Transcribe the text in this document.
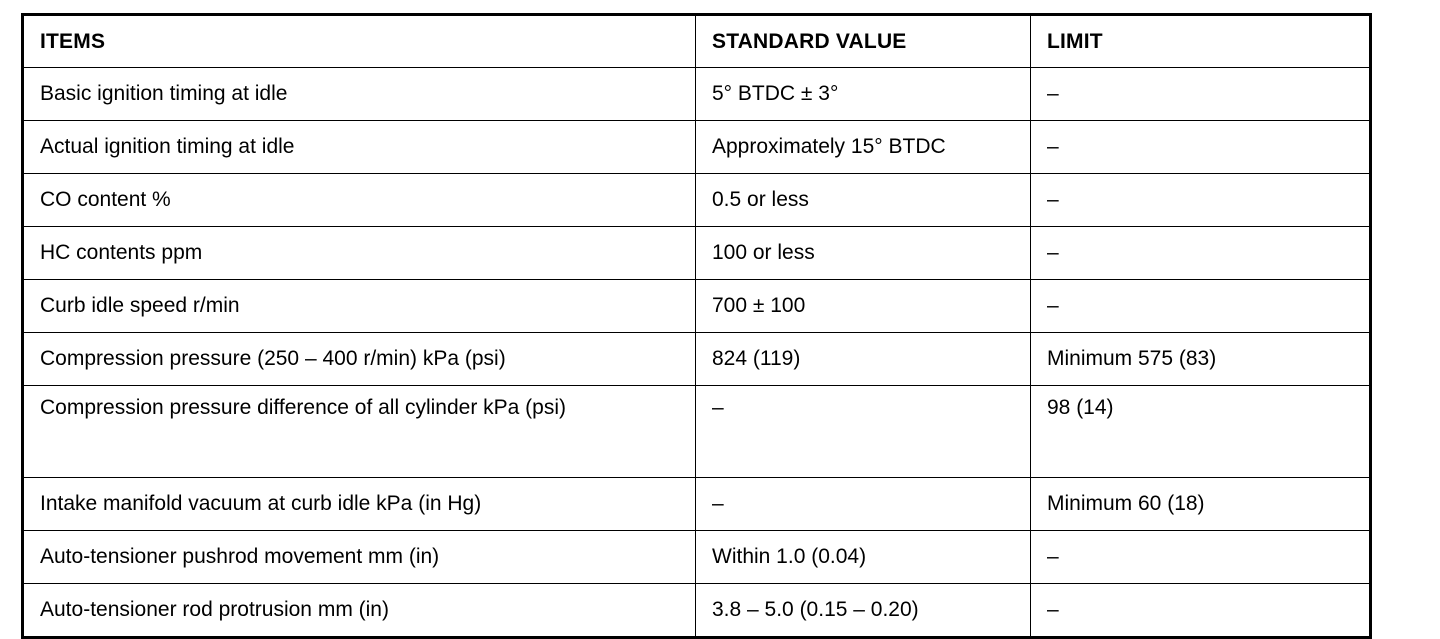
ITEMS	STANDARD VALUE	LIMIT
Basic ignition timing at idle	5° BTDC ± 3°	–
Actual ignition timing at idle	Approximately 15° BTDC	–
CO content %	0.5 or less	–
HC contents ppm	100 or less	–
Curb idle speed r/min	700 ± 100	–
Compression pressure (250 – 400 r/min) kPa (psi)	824 (119)	Minimum 575 (83)
Compression pressure difference of all cylinder kPa (psi)	–	98 (14)
Intake manifold vacuum at curb idle kPa (in Hg)	–	Minimum 60 (18)
Auto-tensioner pushrod movement mm (in)	Within 1.0 (0.04)	–
Auto-tensioner rod protrusion mm (in)	3.8 – 5.0 (0.15 – 0.20)	–
